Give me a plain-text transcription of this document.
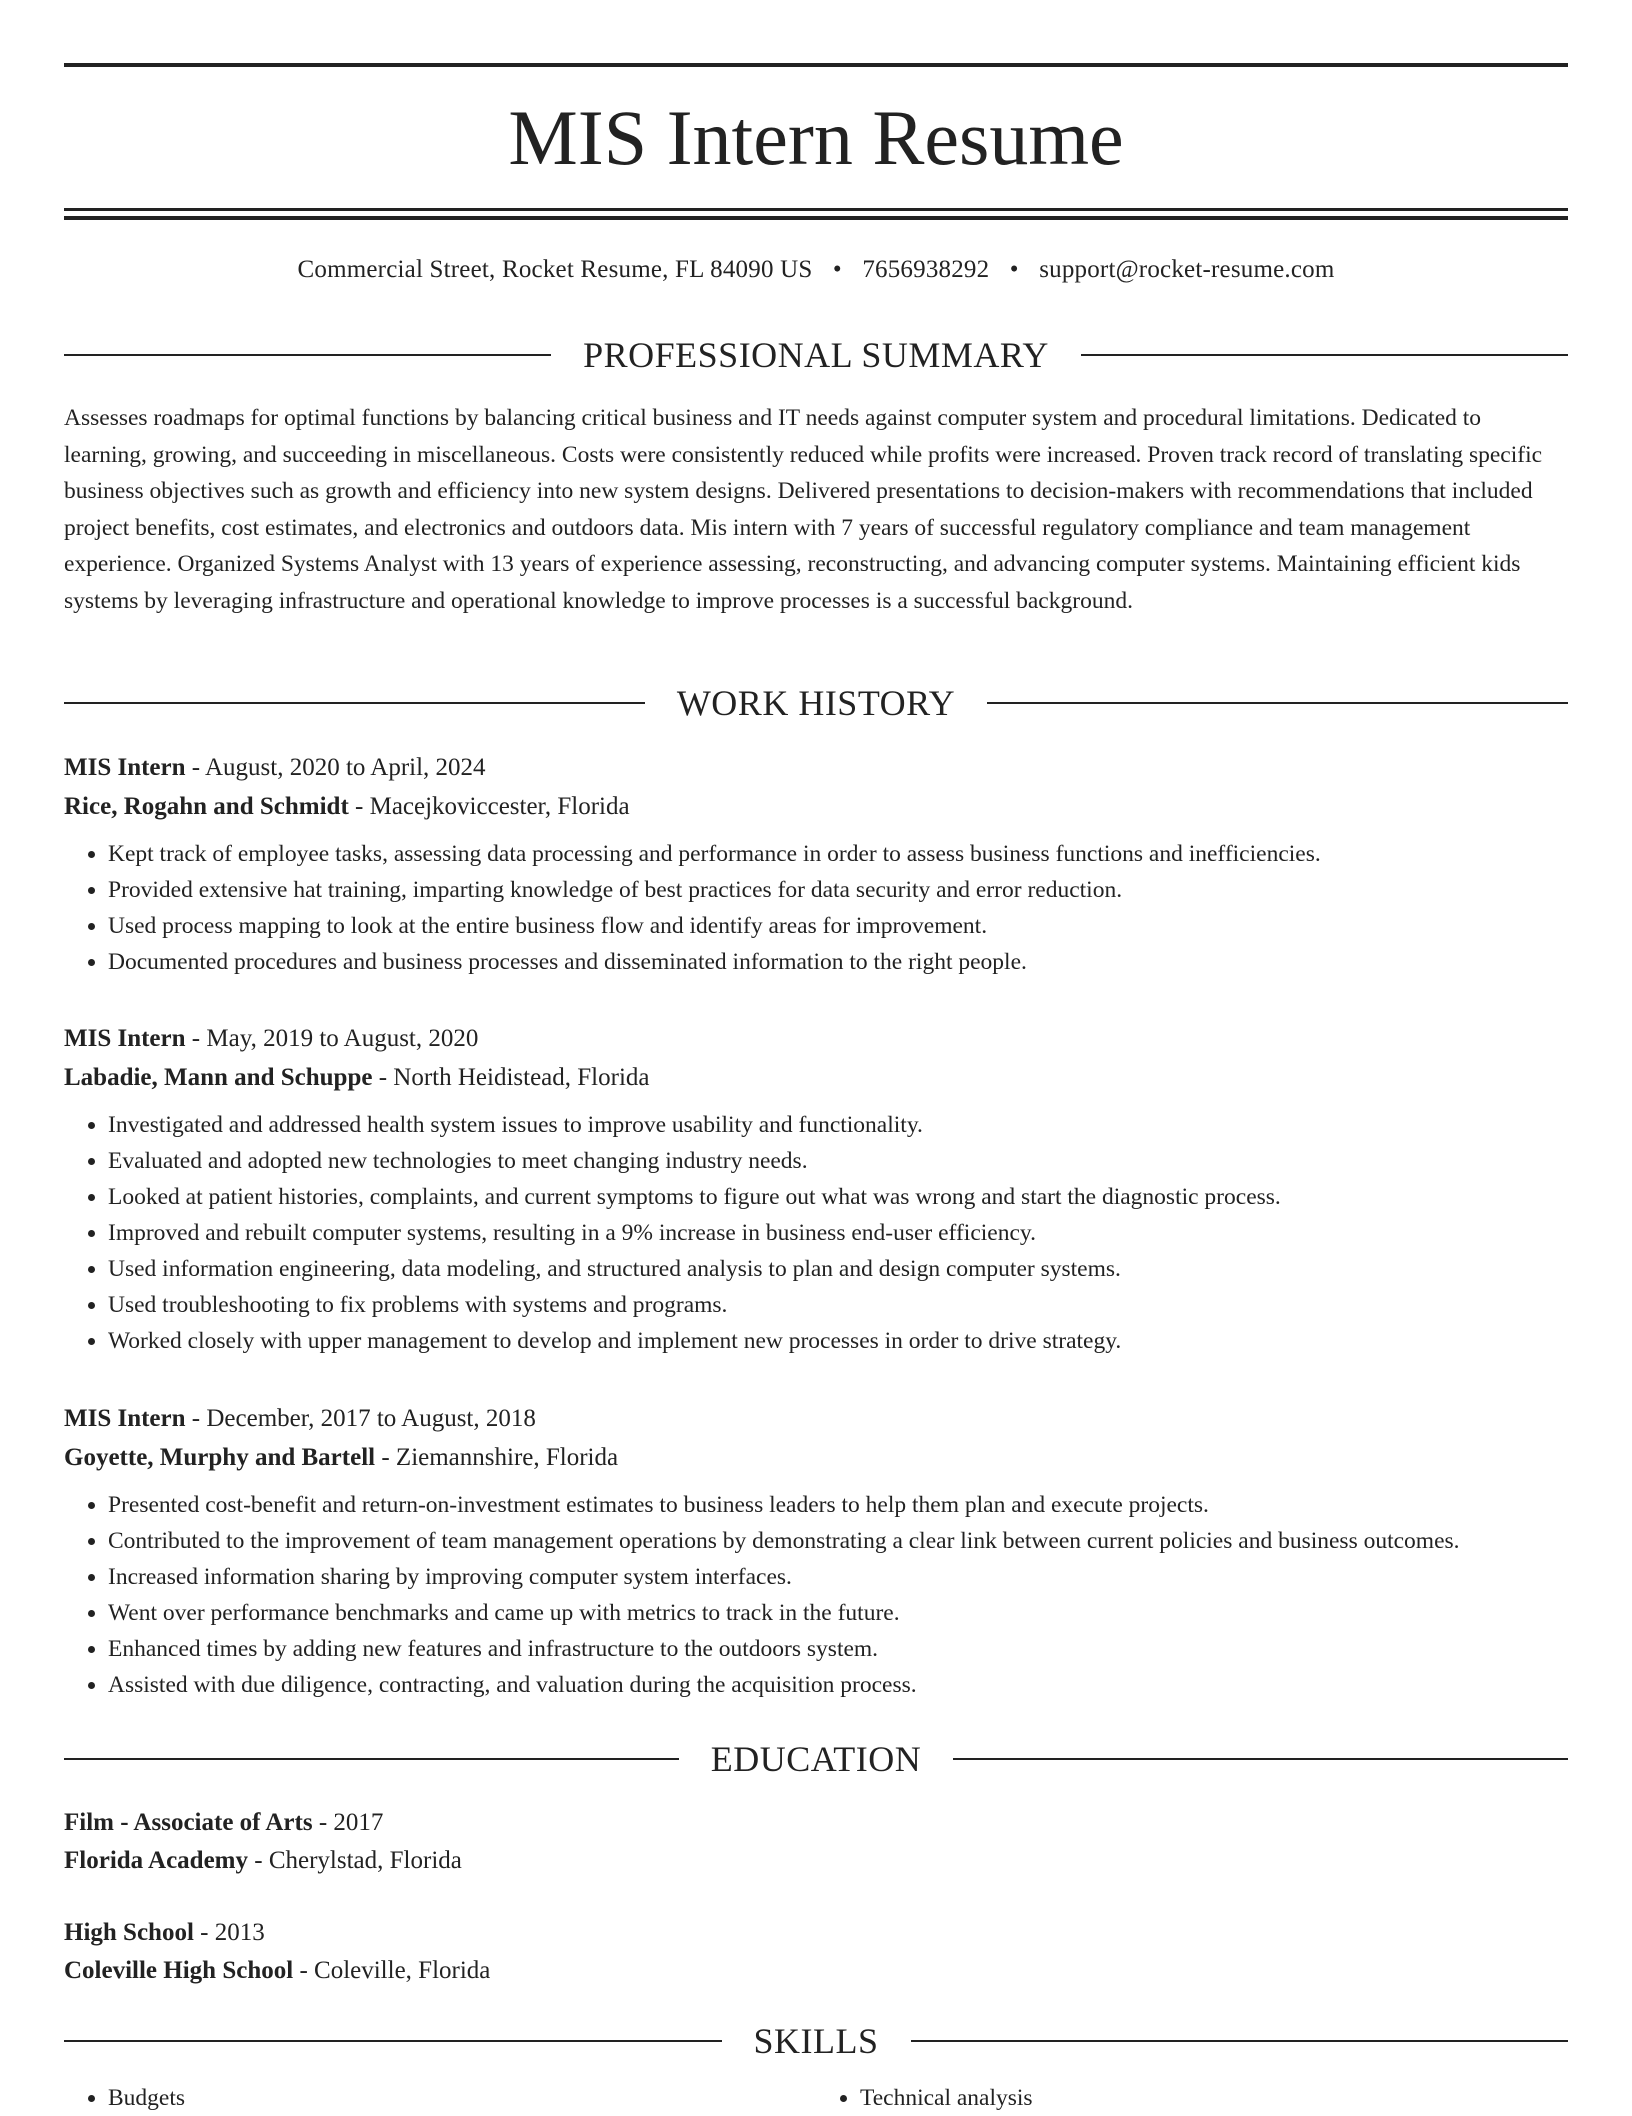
MIS Intern Resume
Commercial Street, Rocket Resume, FL 84090 US • 7656938292 • support@rocket-resume.com
PROFESSIONAL SUMMARY

Assesses roadmaps for optimal functions by balancing critical business and IT needs against computer system and procedural limitations. Dedicated to learning, growing, and succeeding in miscellaneous. Costs were consistently reduced while profits were increased. Proven track record of translating specific business objectives such as growth and efficiency into new system designs. Delivered presentations to decision-makers with recommendations that included project benefits, cost estimates, and electronics and outdoors data. Mis intern with 7 years of successful regulatory compliance and team management experience. Organized Systems Analyst with 13 years of experience assessing, reconstructing, and advancing computer systems. Maintaining efficient kids systems by leveraging infrastructure and operational knowledge to improve processes is a successful background.

WORK HISTORY
MIS Intern - August, 2020 to April, 2024
Rice, Rogahn and Schmidt - Macejkoviccester, Florida
• Kept track of employee tasks, assessing data processing and performance in order to assess business functions and inefficiencies.
• Provided extensive hat training, imparting knowledge of best practices for data security and error reduction.
• Used process mapping to look at the entire business flow and identify areas for improvement.
• Documented procedures and business processes and disseminated information to the right people.
MIS Intern - May, 2019 to August, 2020
Labadie, Mann and Schuppe - North Heidistead, Florida
• Investigated and addressed health system issues to improve usability and functionality.
• Evaluated and adopted new technologies to meet changing industry needs.
• Looked at patient histories, complaints, and current symptoms to figure out what was wrong and start the diagnostic process.
• Improved and rebuilt computer systems, resulting in a 9% increase in business end-user efficiency.
• Used information engineering, data modeling, and structured analysis to plan and design computer systems.
• Used troubleshooting to fix problems with systems and programs.
• Worked closely with upper management to develop and implement new processes in order to drive strategy.
MIS Intern - December, 2017 to August, 2018
Goyette, Murphy and Bartell - Ziemannshire, Florida
• Presented cost-benefit and return-on-investment estimates to business leaders to help them plan and execute projects.
• Contributed to the improvement of team management operations by demonstrating a clear link between current policies and business outcomes.
• Increased information sharing by improving computer system interfaces.
• Went over performance benchmarks and came up with metrics to track in the future.
• Enhanced times by adding new features and infrastructure to the outdoors system.
• Assisted with due diligence, contracting, and valuation during the acquisition process.
EDUCATION
Film - Associate of Arts - 2017
Florida Academy - Cherylstad, Florida
High School - 2013
Coleville High School - Coleville, Florida
SKILLS
• Budgets
•	Technical analysis
